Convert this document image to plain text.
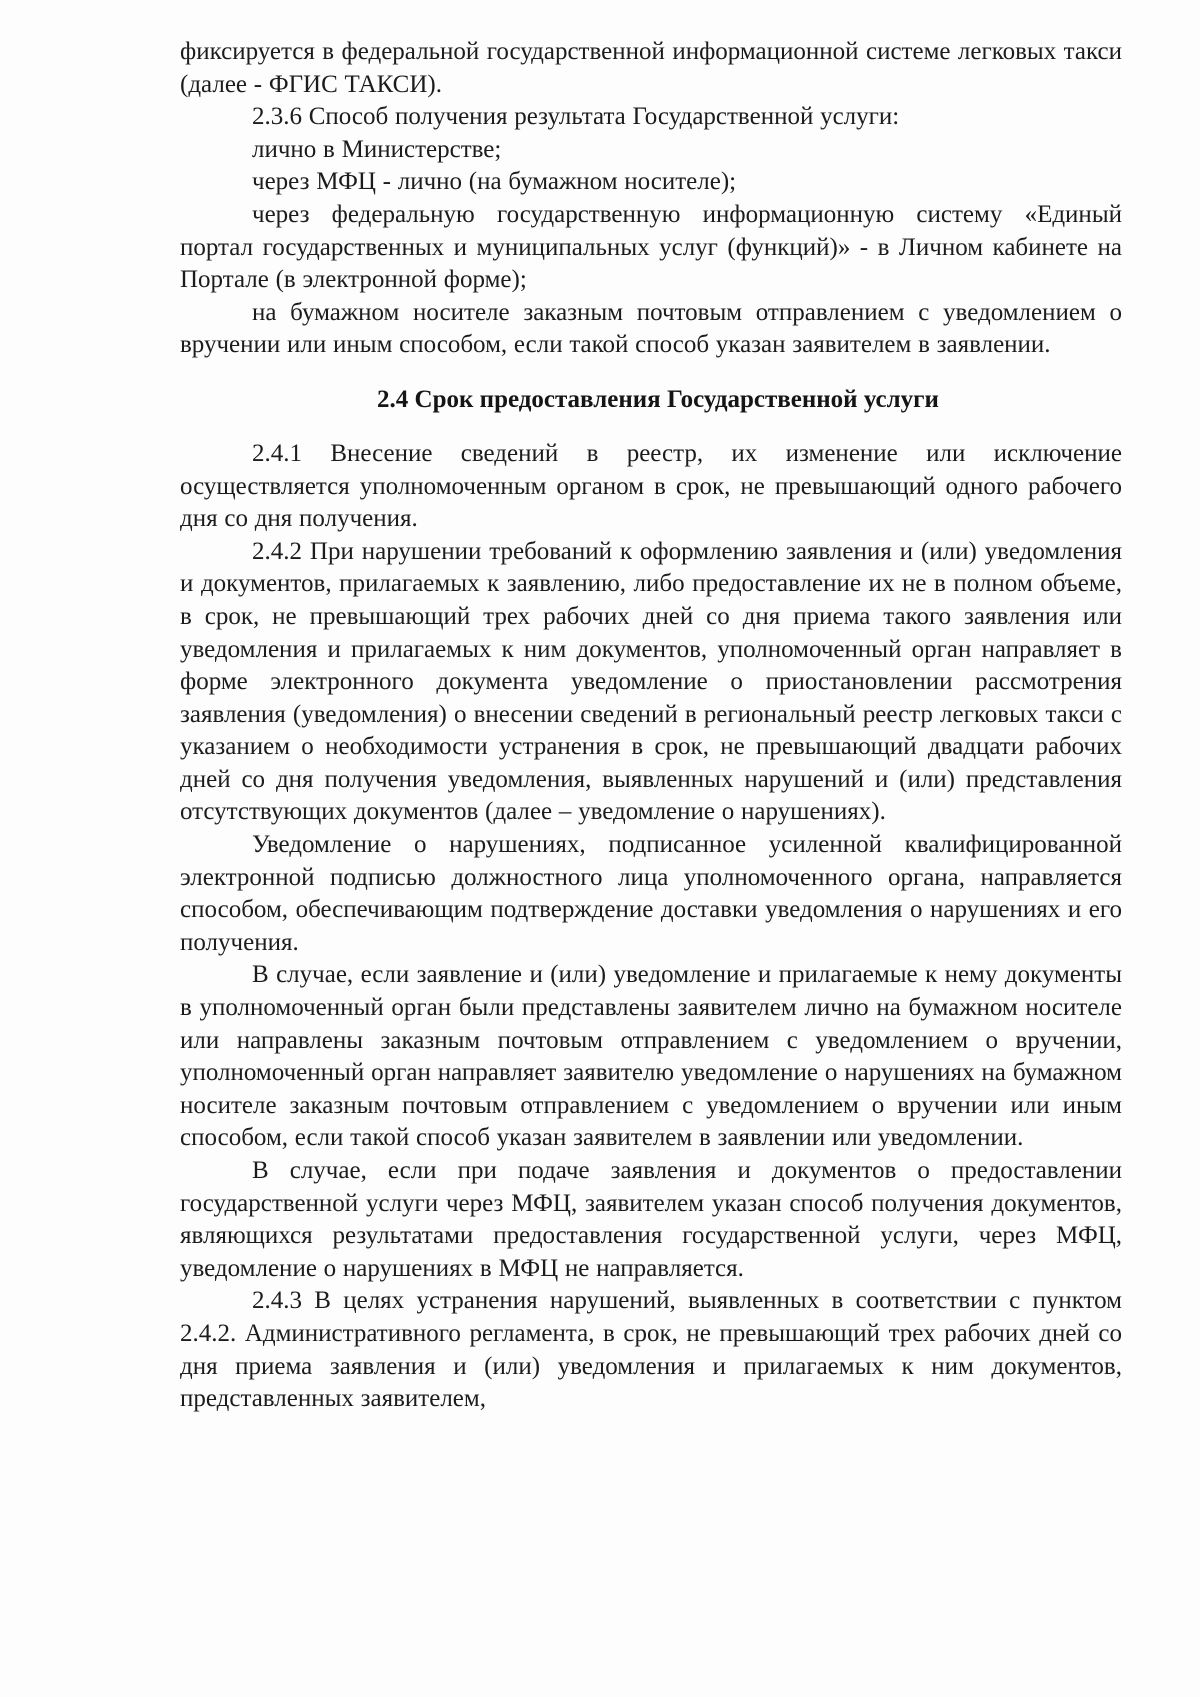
фиксируется в федеральной государственной информационной системе легковых такси (далее - ФГИС ТАКСИ).

2.3.6 Способ получения результата Государственной услуги:

лично в Министерстве;

через МФЦ - лично (на бумажном носителе);

через федеральную государственную информационную систему «Единый портал государственных и муниципальных услуг (функций)» - в Личном кабинете на Портале (в электронной форме);

на бумажном носителе заказным почтовым отправлением с уведомлением о вручении или иным способом, если такой способ указан заявителем в заявлении.

2.4 Срок предоставления Государственной услуги

2.4.1 Внесение сведений в реестр, их изменение или исключение осуществляется уполномоченным органом в срок, не превышающий одного рабочего дня со дня получения.

2.4.2 При нарушении требований к оформлению заявления и (или) уведомления и документов, прилагаемых к заявлению, либо предоставление их не в полном объеме, в срок, не превышающий трех рабочих дней со дня приема такого заявления или уведомления и прилагаемых к ним документов, уполномоченный орган направляет в форме электронного документа уведомление о приостановлении рассмотрения заявления (уведомления) о внесении сведений в региональный реестр легковых такси с указанием о необходимости устранения в срок, не превышающий двадцати рабочих дней со дня получения уведомления, выявленных нарушений и (или) представления отсутствующих документов (далее – уведомление о нарушениях).

Уведомление о нарушениях, подписанное усиленной квалифицированной электронной подписью должностного лица уполномоченного органа, направляется способом, обеспечивающим подтверждение доставки уведомления о нарушениях и его получения.

В случае, если заявление и (или) уведомление и прилагаемые к нему документы в уполномоченный орган были представлены заявителем лично на бумажном носителе или направлены заказным почтовым отправлением с уведомлением о вручении, уполномоченный орган направляет заявителю уведомление о нарушениях на бумажном носителе заказным почтовым отправлением с уведомлением о вручении или иным способом, если такой способ указан заявителем в заявлении или уведомлении.

В случае, если при подаче заявления и документов о предоставлении государственной услуги через МФЦ, заявителем указан способ получения документов, являющихся результатами предоставления государственной услуги, через МФЦ, уведомление о нарушениях в МФЦ не направляется.

2.4.3 В целях устранения нарушений, выявленных в соответствии с пунктом 2.4.2. Административного регламента, в срок, не превышающий трех рабочих дней со дня приема заявления и (или) уведомления и прилагаемых к ним документов, представленных заявителем,
